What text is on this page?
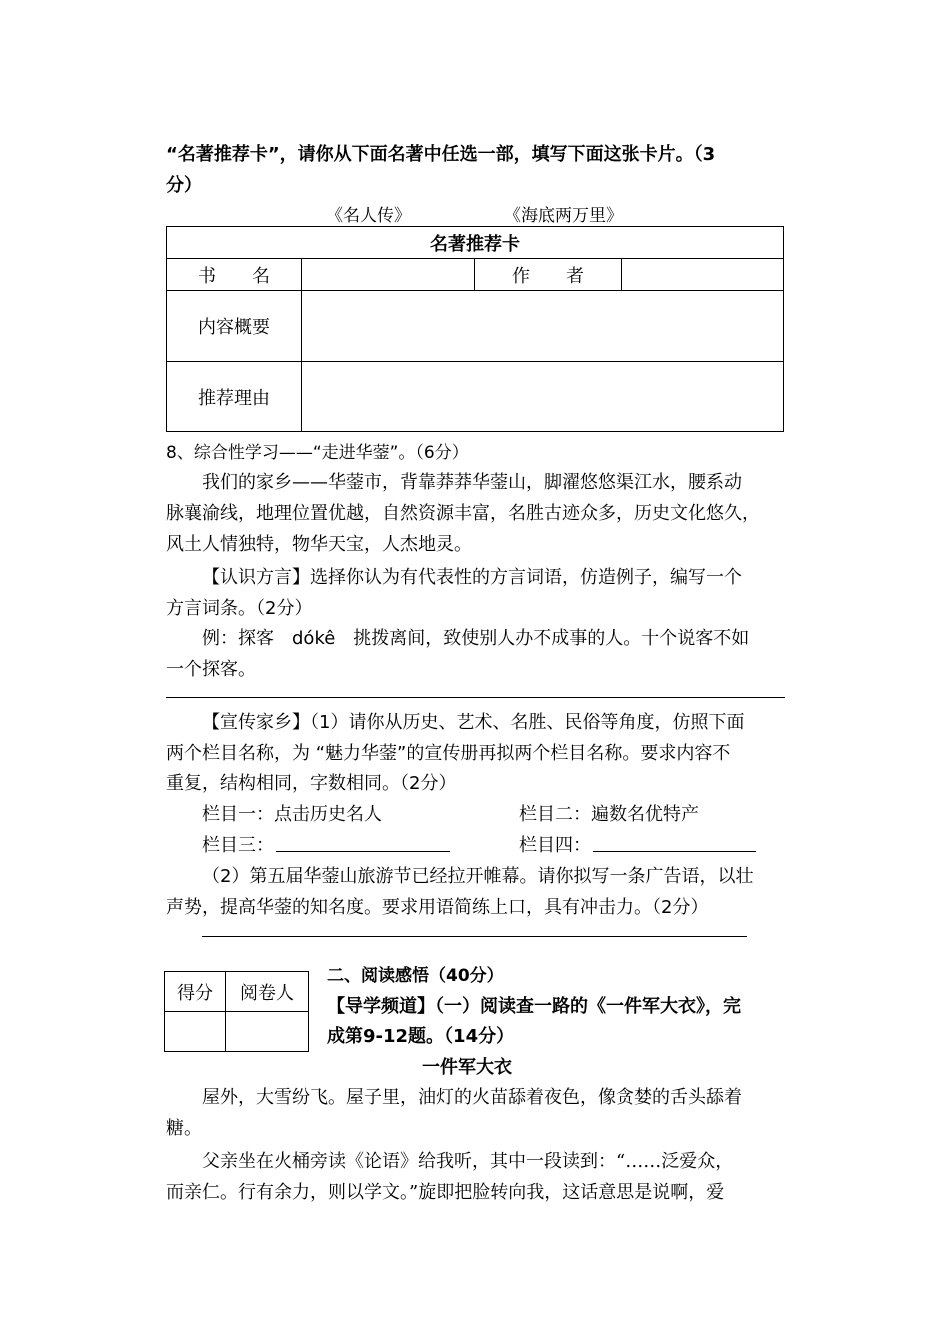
“名著推荐卡”，请你从下面名著中任选一部，填写下面这张卡片。（3
分）
《名人传》	《海底两万里》
名著推荐卡			
书　　名		作　　者	
内容概要			
推荐理由			
8、综合性学习——“走进华蓥”。（6分）
我们的家乡——华蓥市，背靠莽莽华蓥山，脚濯悠悠渠江水，腰系动
脉襄渝线，地理位置优越，自然资源丰富，名胜古迹众多，历史文化悠久，
风土人情独特，物华天宝，人杰地灵。
【认识方言】选择你认为有代表性的方言词语，仿造例子，编写一个
方言词条。（2分）
例：探客　dókê　挑拨离间，致使别人办不成事的人。十个说客不如
一个探客。
【宣传家乡】（1）请你从历史、艺术、名胜、民俗等角度，仿照下面
两个栏目名称，为 “魅力华蓥”的宣传册再拟两个栏目名称。要求内容不
重复，结构相同，字数相同。（2分）
栏目一：点击历史名人	栏目二：遍数名优特产
栏目三：	栏目四：
（2）第五届华蓥山旅游节已经拉开帷幕。请你拟写一条广告语，以壮
声势，提高华蓥的知名度。要求用语简练上口，具有冲击力。（2分）
得分	阅卷人

二、阅读感悟（40分）
【导学频道】（一）阅读查一路的《一件军大衣》，完
成第9-12题。（14分）
一件军大衣
屋外，大雪纷飞。屋子里，油灯的火苗舔着夜色，像贪婪的舌头舔着
糖。
父亲坐在火桶旁读《论语》给我听，其中一段读到：“……泛爱众，
而亲仁。行有余力，则以学文。”旋即把脸转向我，这话意思是说啊，爱
